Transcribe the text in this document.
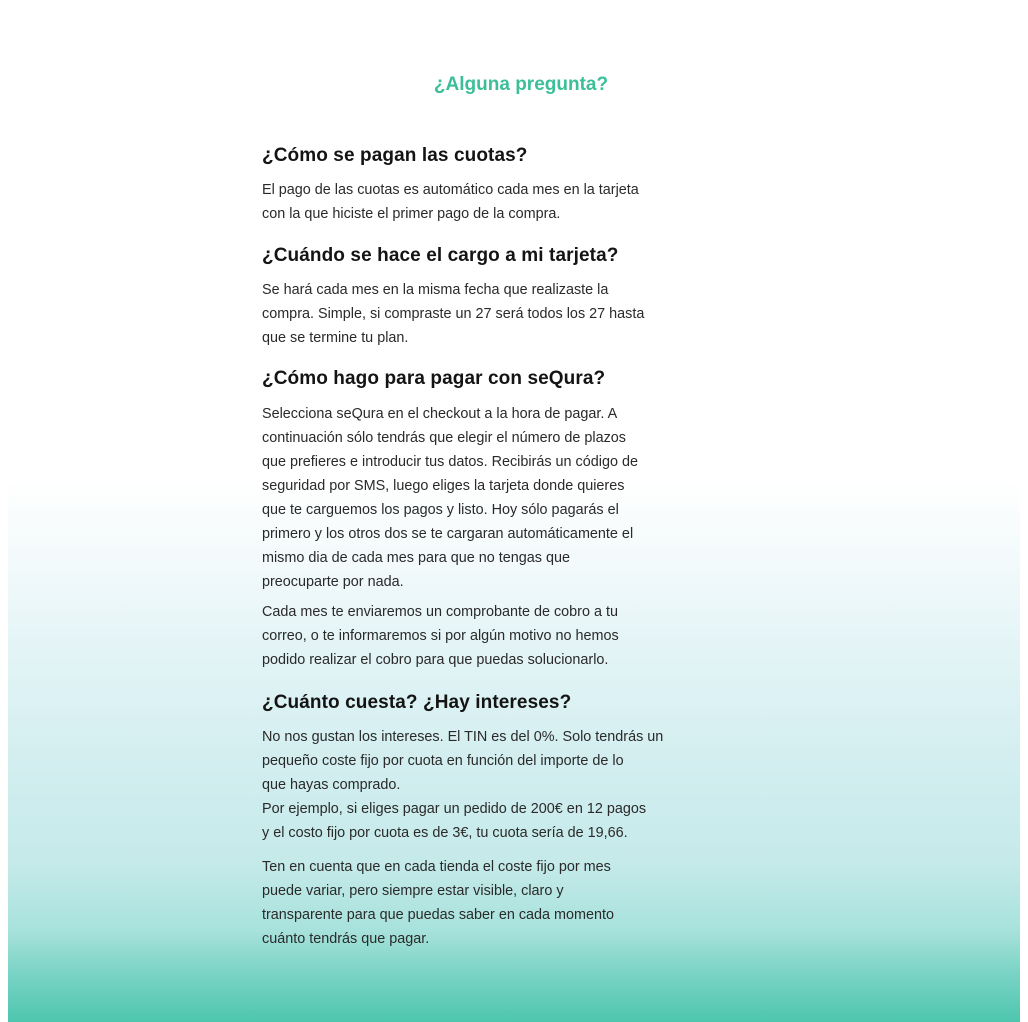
¿Alguna pregunta?
¿Cómo se pagan las cuotas?

El pago de las cuotas es automático cada mes en la tarjeta
con la que hiciste el primer pago de la compra.

¿Cuándo se hace el cargo a mi tarjeta?

Se hará cada mes en la misma fecha que realizaste la
compra. Simple, si compraste un 27 será todos los 27 hasta
que se termine tu plan.

¿Cómo hago para pagar con seQura?

Selecciona seQura en el checkout a la hora de pagar. A
continuación sólo tendrás que elegir el número de plazos
que prefieres e introducir tus datos. Recibirás un código de
seguridad por SMS, luego eliges la tarjeta donde quieres
que te carguemos los pagos y listo. Hoy sólo pagarás el
primero y los otros dos se te cargaran automáticamente el
mismo dia de cada mes para que no tengas que
preocuparte por nada.

Cada mes te enviaremos un comprobante de cobro a tu
correo, o te informaremos si por algún motivo no hemos
podido realizar el cobro para que puedas solucionarlo.

¿Cuánto cuesta? ¿Hay intereses?

No nos gustan los intereses. El TIN es del 0%. Solo tendrás un
pequeño coste fijo por cuota en función del importe de lo
que hayas comprado.
Por ejemplo, si eliges pagar un pedido de 200€ en 12 pagos
y el costo fijo por cuota es de 3€, tu cuota sería de 19,66.

Ten en cuenta que en cada tienda el coste fijo por mes
puede variar, pero siempre estar visible, claro y
transparente para que puedas saber en cada momento
cuánto tendrás que pagar.
